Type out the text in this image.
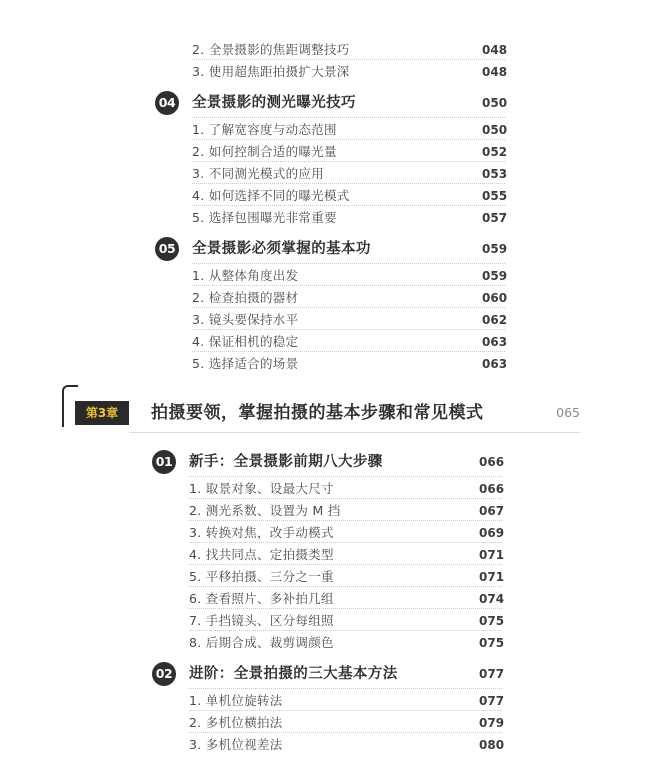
2. 全景摄影的焦距调整技巧	048
3. 使用超焦距拍摄扩大景深	048
04 全景摄影的测光曝光技巧	050
1. 了解宽容度与动态范围	050
2. 如何控制合适的曝光量	052
3. 不同测光模式的应用	053
4. 如何选择不同的曝光模式	055
5. 选择包围曝光非常重要	057
05 全景摄影必须掌握的基本功	059
1. 从整体角度出发	059
2. 检查拍摄的器材	060
3. 镜头要保持水平	062
4. 保证相机的稳定	063
5. 选择适合的场景	063
第3章	拍摄要领，掌握拍摄的基本步骤和常见模式	065
01 新手：全景摄影前期八大步骤	066
1. 取景对象、设最大尺寸	066
2. 测光系数、设置为 M 挡	067
3. 转换对焦，改手动模式	069
4. 找共同点、定拍摄类型	071
5. 平移拍摄、三分之一重	071
6. 查看照片、多补拍几组	074
7. 手挡镜头、区分每组照	075
8. 后期合成、裁剪调颜色	075
02 进阶：全景拍摄的三大基本方法	077
1. 单机位旋转法	077
2. 多机位横拍法	079
3. 多机位视差法	080
